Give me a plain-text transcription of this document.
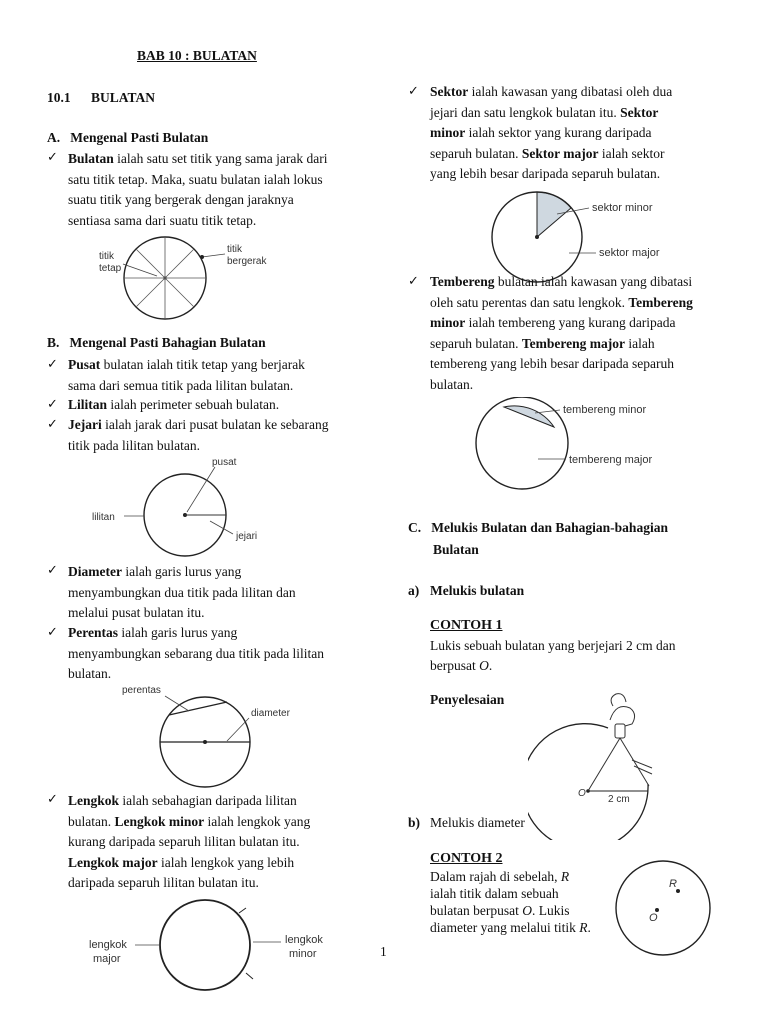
BAB 10 : BULATAN
10.1 BULATAN
A.   Mengenal Pasti Bulatan
✓ Bulatan ialah satu set titik yang sama jarak dari
satu titik tetap. Maka, suatu bulatan ialah lokus
suatu titik yang bergerak dengan jaraknya
sentiasa sama dari suatu titik tetap.
titik
tetap
titik
bergerak
B.   Mengenal Pasti Bahagian Bulatan
✓ Pusat bulatan ialah titik tetap yang berjarak
sama dari semua titik pada lilitan bulatan.
✓ Lilitan ialah perimeter sebuah bulatan.
✓ Jejari ialah jarak dari pusat bulatan ke sebarang
titik pada lilitan bulatan.
pusat
lilitan
jejari
✓ Diameter ialah garis lurus yang
menyambungkan dua titik pada lilitan dan
melalui pusat bulatan itu.
✓ Perentas ialah garis lurus yang
menyambungkan sebarang dua titik pada lilitan
bulatan.
perentas
diameter
✓ Lengkok ialah sebahagian daripada lilitan
bulatan. Lengkok minor ialah lengkok yang
kurang daripada separuh lilitan bulatan itu.
Lengkok major ialah lengkok yang lebih
daripada separuh lilitan bulatan itu.
lengkok
major
lengkok
minor
✓ Sektor ialah kawasan yang dibatasi oleh dua
jejari dan satu lengkok bulatan itu. Sektor
minor ialah sektor yang kurang daripada
separuh bulatan. Sektor major ialah sektor
yang lebih besar daripada separuh bulatan.
sektor minor
sektor major
✓ Tembereng bulatan ialah kawasan yang dibatasi
oleh satu perentas dan satu lengkok. Tembereng
minor ialah tembereng yang kurang daripada
separuh bulatan. Tembereng major ialah
tembereng yang lebih besar daripada separuh
bulatan.
tembereng minor
tembereng major
C.   Melukis Bulatan dan Bahagian-bahagian
Bulatan
a) Melukis bulatan
CONTOH 1
Lukis sebuah bulatan yang berjejari 2 cm dan
berpusat O.
Penyelesaian
O
2 cm
b) Melukis diameter
CONTOH 2
Dalam rajah di sebelah, R
ialah titik dalam sebuah
bulatan berpusat O. Lukis
diameter yang melalui titik R.
R
O
1
